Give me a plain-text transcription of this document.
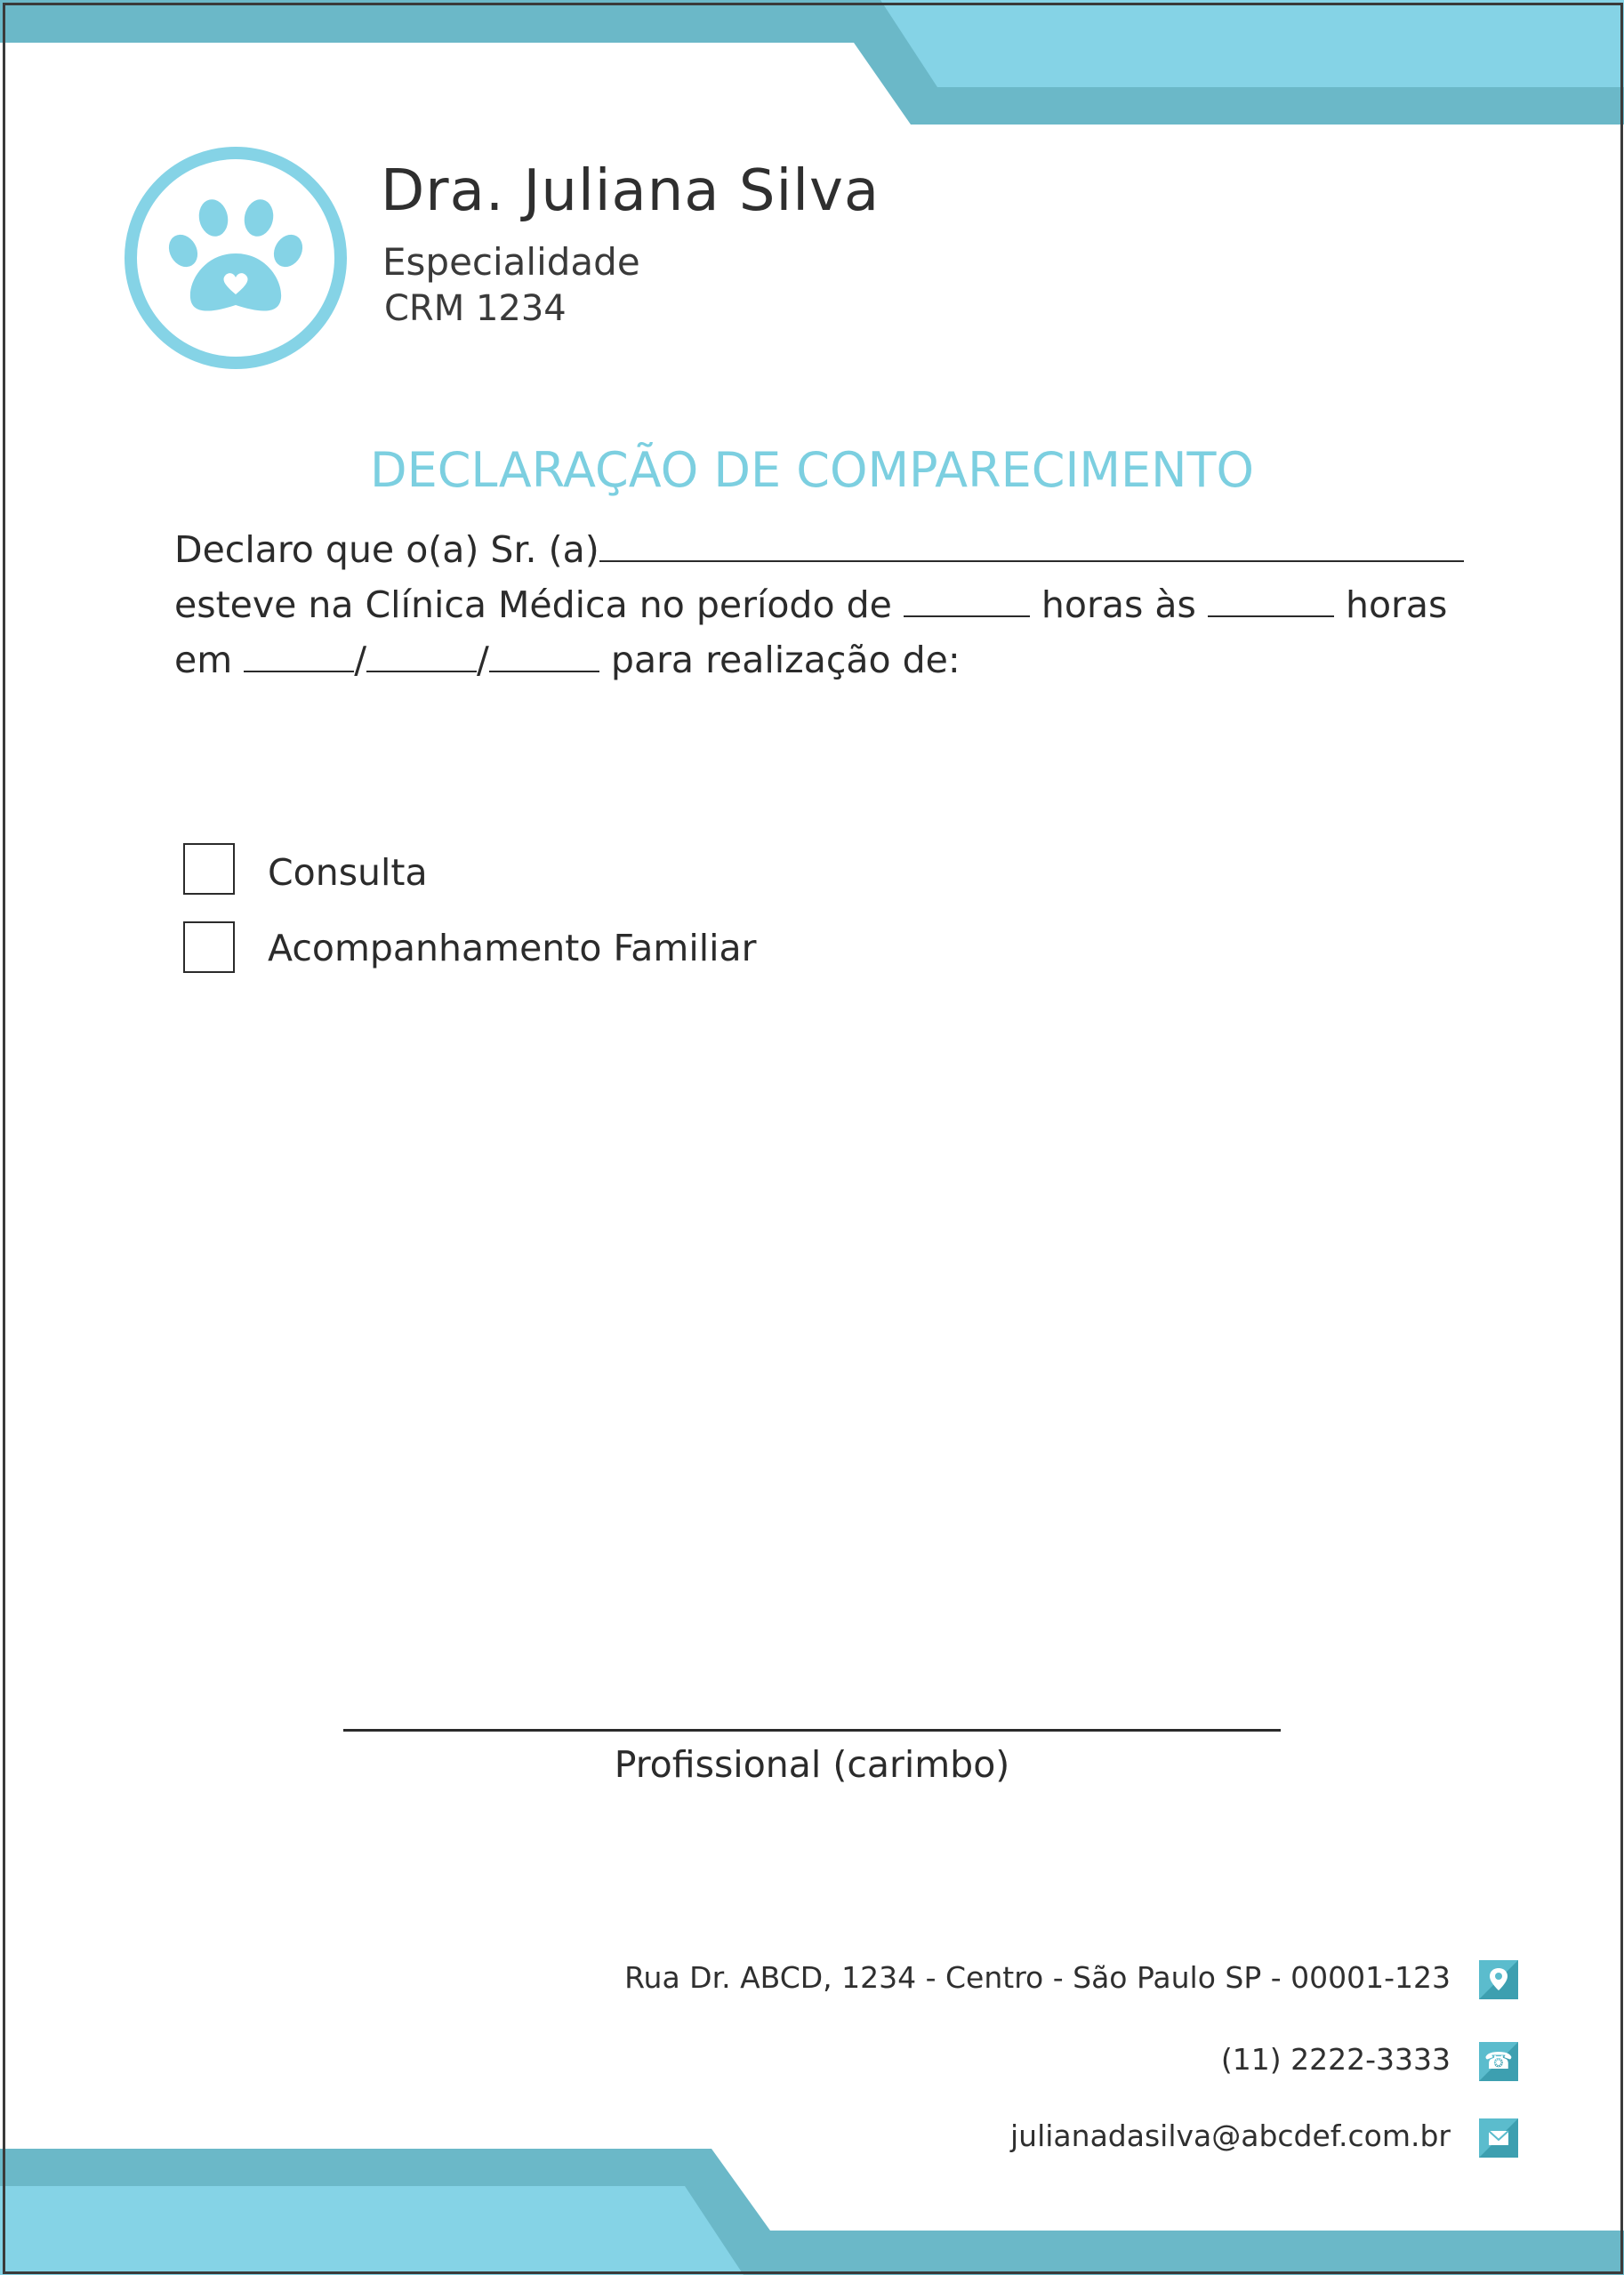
Dra. Juliana Silva
Especialidade
CRM 1234
DECLARAÇÃO DE COMPARECIMENTO
Declaro que o(a) Sr. (a)
esteve na Clínica Médica no período de	horas às	horas
em	/	/	para realização de:
Consulta
Acompanhamento Familiar
Profissional (carimbo)
Rua Dr. ABCD, 1234 - Centro - São Paulo SP - 00001-123
(11) 2222-3333 ☎
julianadasilva@abcdef.com.br
